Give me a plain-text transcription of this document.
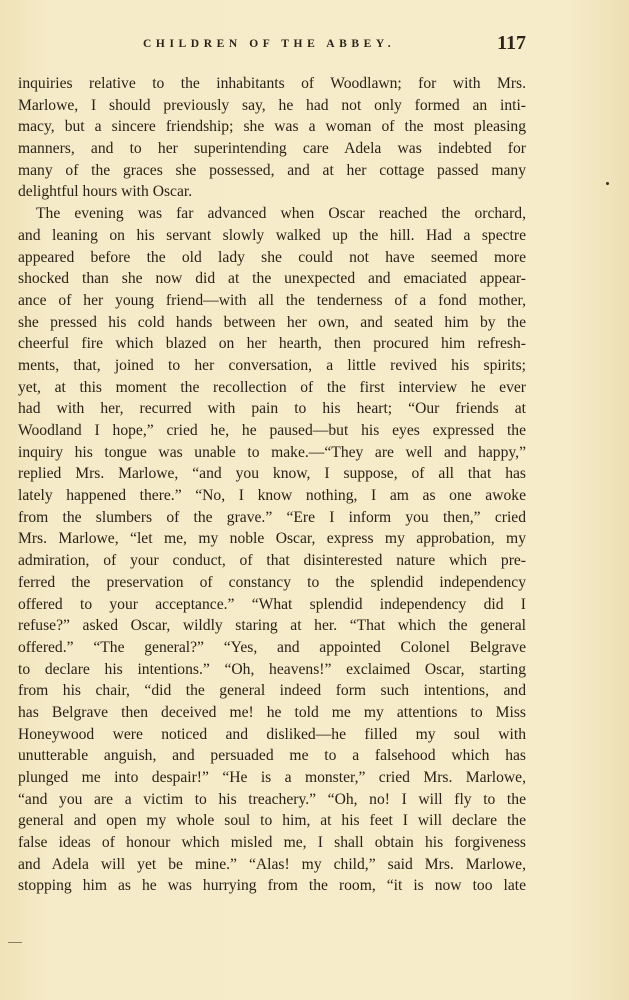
CHILDREN OF THE ABBEY.	117
inquiries relative to the inhabitants of Woodlawn; for with Mrs.
Marlowe, I should previously say, he had not only formed an inti-
macy, but a sincere friendship; she was a woman of the most pleasing
manners, and to her superintending care Adela was indebted for
many of the graces she possessed, and at her cottage passed many
delightful hours with Oscar.
The evening was far advanced when Oscar reached the orchard,
and leaning on his servant slowly walked up the hill. Had a spectre
appeared before the old lady she could not have seemed more
shocked than she now did at the unexpected and emaciated appear-
ance of her young friend—with all the tenderness of a fond mother,
she pressed his cold hands between her own, and seated him by the
cheerful fire which blazed on her hearth, then procured him refresh-
ments, that, joined to her conversation, a little revived his spirits;
yet, at this moment the recollection of the first interview he ever
had with her, recurred with pain to his heart; “Our friends at
Woodland I hope,” cried he, he paused—but his eyes expressed the
inquiry his tongue was unable to make.—“They are well and happy,”
replied Mrs. Marlowe, “and you know, I suppose, of all that has
lately happened there.” “No, I know nothing, I am as one awoke
from the slumbers of the grave.” “Ere I inform you then,” cried
Mrs. Marlowe, “let me, my noble Oscar, express my approbation, my
admiration, of your conduct, of that disinterested nature which pre-
ferred the preservation of constancy to the splendid independency
offered to your acceptance.” “What splendid independency did I
refuse?” asked Oscar, wildly staring at her. “That which the general
offered.” “The general?” “Yes, and appointed Colonel Belgrave
to declare his intentions.” “Oh, heavens!” exclaimed Oscar, starting
from his chair, “did the general indeed form such intentions, and
has Belgrave then deceived me! he told me my attentions to Miss
Honeywood were noticed and disliked—he filled my soul with
unutterable anguish, and persuaded me to a falsehood which has
plunged me into despair!” “He is a monster,” cried Mrs. Marlowe,
“and you are a victim to his treachery.” “Oh, no! I will fly to the
general and open my whole soul to him, at his feet I will declare the
false ideas of honour which misled me, I shall obtain his forgiveness
and Adela will yet be mine.” “Alas! my child,” said Mrs. Marlowe,
stopping him as he was hurrying from the room, “it is now too late
